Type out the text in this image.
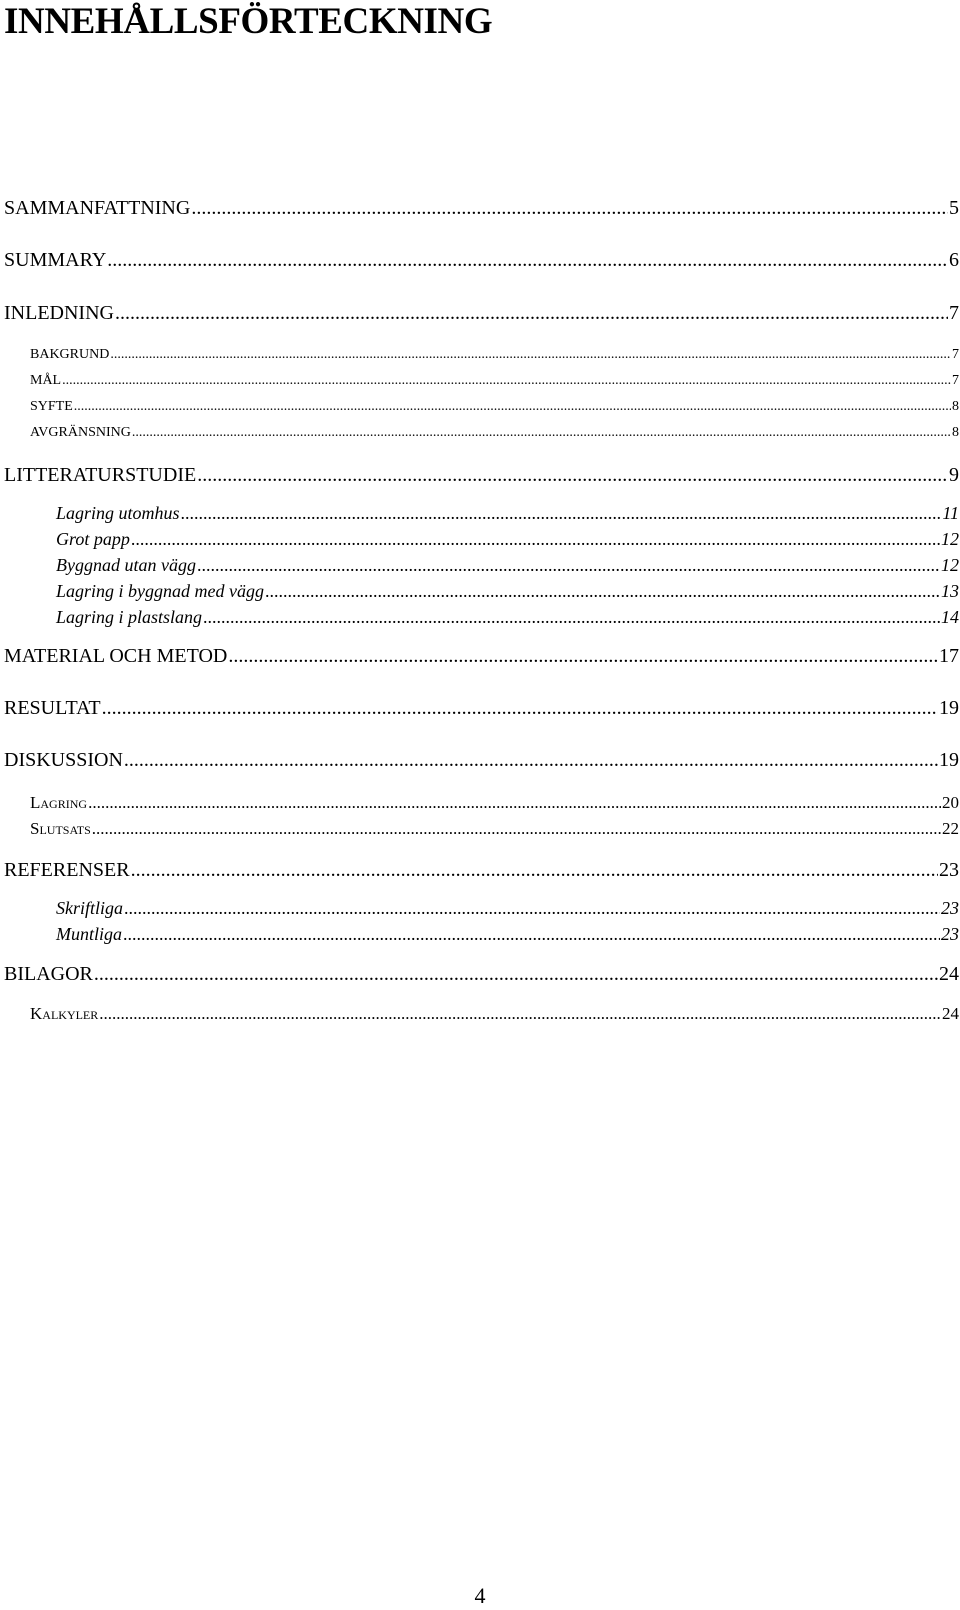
INNEHÅLLSFÖRTECKNING
SAMMANFATTNING .....	5
SUMMARY .....	6
INLEDNING .....	7
BAKGRUND .....	7
MÅL .....	7
SYFTE .....	8
AVGRÄNSNING .....	8
LITTERATURSTUDIE .....	9
Lagring utomhus .....	11
Grot papp .....	12
Byggnad utan vägg .....	12
Lagring i byggnad med vägg .....	13
Lagring i plastslang .....	14
MATERIAL OCH METOD .....	17
RESULTAT .....	19
DISKUSSION .....	19
Lagring .....	20
Slutsats .....	22
REFERENSER .....	23
Skriftliga .....	23
Muntliga .....	23
BILAGOR .....	24
Kalkyler .....	24
4
